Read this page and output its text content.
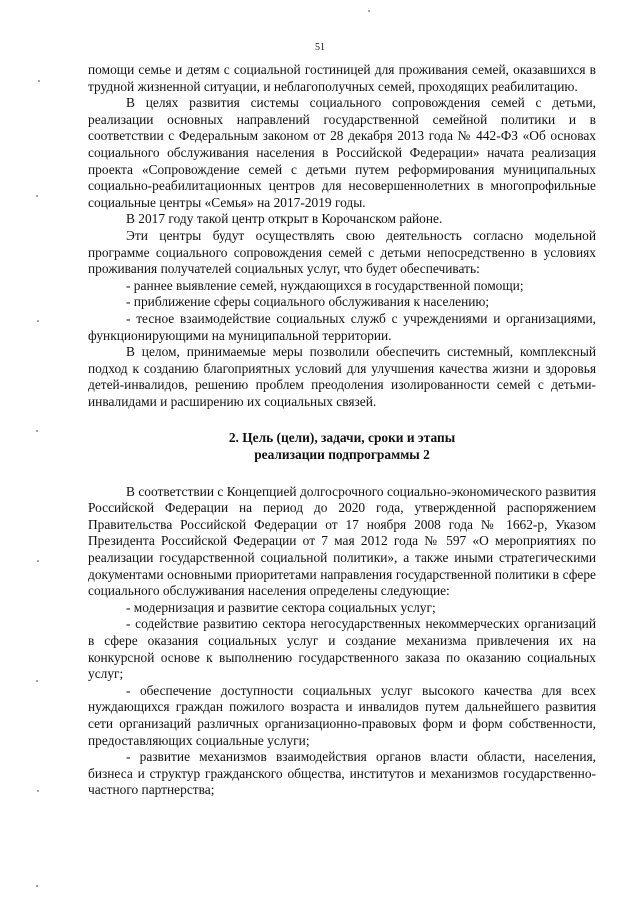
51

помощи семье и детям с социальной гостиницей для проживания семей, оказавшихся в трудной жизненной ситуации, и неблагополучных семей, проходящих реабилитацию.

В целях развития системы социального сопровождения семей с детьми, реализации основных направлений государственной семейной политики и в соответствии с Федеральным законом от 28 декабря 2013 года № 442-ФЗ «Об основах социального обслуживания населения в Российской Федерации» начата реализация проекта «Сопровождение семей с детьми путем реформирования муниципальных социально-реабилитационных центров для несовершеннолетних в многопрофильные социальные центры «Семья» на 2017-2019 годы.

В 2017 году такой центр открыт в Корочанском районе.

Эти центры будут осуществлять свою деятельность согласно модельной программе социального сопровождения семей с детьми непосредственно в условиях проживания получателей социальных услуг, что будет обеспечивать:

- раннее выявление семей, нуждающихся в государственной помощи;

- приближение сферы социального обслуживания к населению;

- тесное взаимодействие социальных служб с учреждениями и организациями, функционирующими на муниципальной территории.

В целом, принимаемые меры позволили обеспечить системный, комплексный подход к созданию благоприятных условий для улучшения качества жизни и здоровья детей-инвалидов, решению проблем преодоления изолированности семей с детьми-инвалидами и расширению их социальных связей.

2. Цель (цели), задачи, сроки и этапы
реализации подпрограммы 2

В соответствии с Концепцией долгосрочного социально-экономического развития Российской Федерации на период до 2020 года, утвержденной распоряжением Правительства Российской Федерации от 17 ноября 2008 года № 1662-р, Указом Президента Российской Федерации от 7 мая 2012 года № 597 «О мероприятиях по реализации государственной социальной политики», а также иными стратегическими документами основными приоритетами направления государственной политики в сфере социального обслуживания населения определены следующие:

- модернизация и развитие сектора социальных услуг;

- содействие развитию сектора негосударственных некоммерческих организаций в сфере оказания социальных услуг и создание механизма привлечения их на конкурсной основе к выполнению государственного заказа по оказанию социальных услуг;

- обеспечение доступности социальных услуг высокого качества для всех нуждающихся граждан пожилого возраста и инвалидов путем дальнейшего развития сети организаций различных организационно-правовых форм и форм собственности, предоставляющих социальные услуги;

- развитие механизмов взаимодействия органов власти области, населения, бизнеса и структур гражданского общества, институтов и механизмов государственно-частного партнерства;
